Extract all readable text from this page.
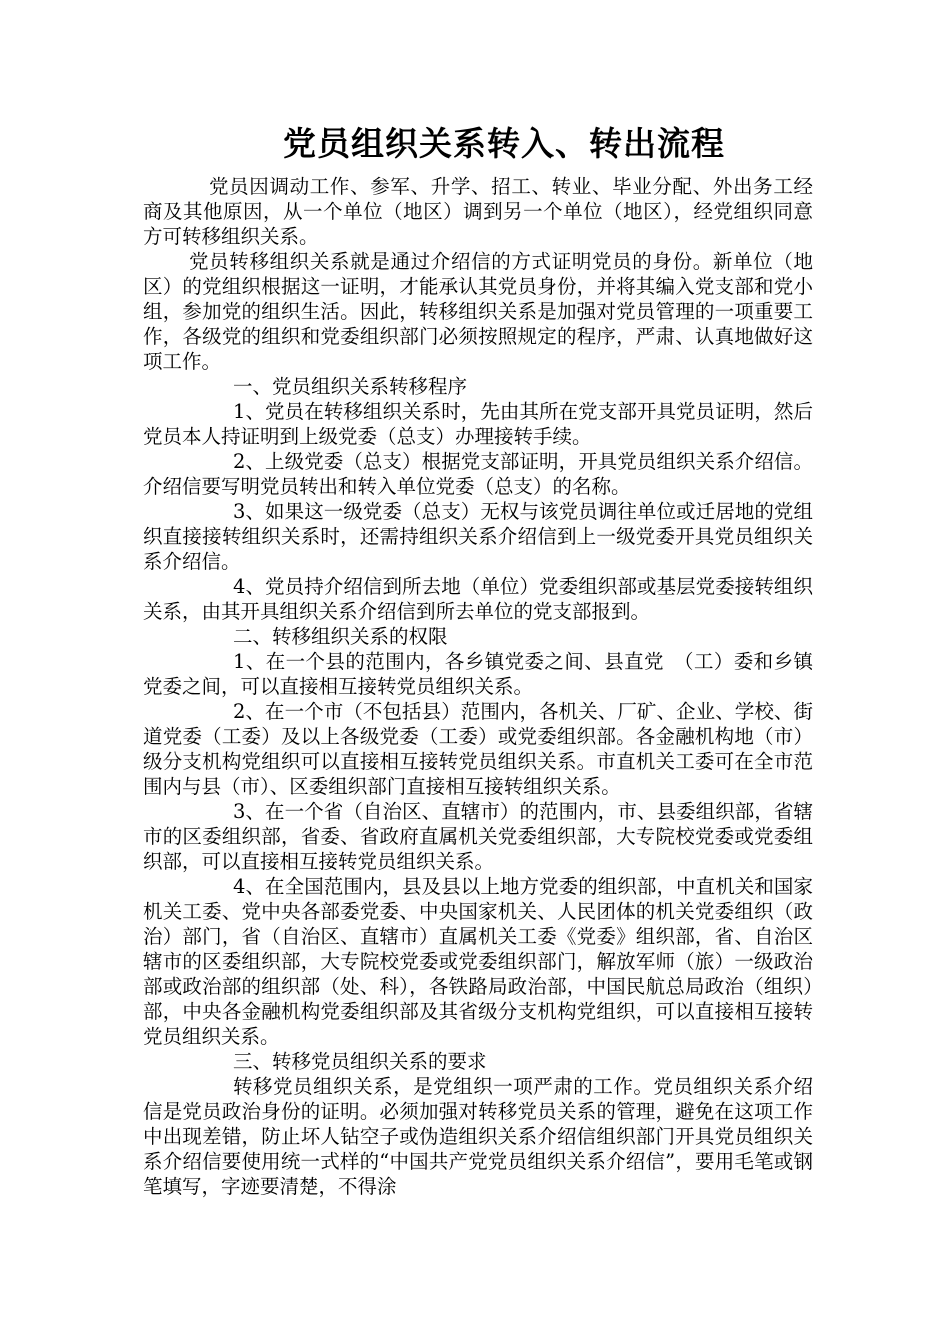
党员组织关系转入、转出流程

党员因调动工作、参军、升学、招工、转业、毕业分配、外出务工经商及其他原因，从一个单位（地区）调到另一个单位（地区），经党组织同意方可转移组织关系。

党员转移组织关系就是通过介绍信的方式证明党员的身份。新单位（地区）的党组织根据这一证明，才能承认其党员身份，并将其编入党支部和党小组，参加党的组织生活。因此，转移组织关系是加强对党员管理的一项重要工作，各级党的组织和党委组织部门必须按照规定的程序，严肃、认真地做好这项工作。

一、党员组织关系转移程序

1、党员在转移组织关系时，先由其所在党支部开具党员证明，然后党员本人持证明到上级党委（总支）办理接转手续。

2、上级党委（总支）根据党支部证明，开具党员组织关系介绍信。介绍信要写明党员转出和转入单位党委（总支）的名称。

3、如果这一级党委（总支）无权与该党员调往单位或迁居地的党组织直接接转组织关系时，还需持组织关系介绍信到上一级党委开具党员组织关系介绍信。

4、党员持介绍信到所去地（单位）党委组织部或基层党委接转组织关系，由其开具组织关系介绍信到所去单位的党支部报到。

二、转移组织关系的权限

1、在一个县的范围内，各乡镇党委之间、县直党　（工）委和乡镇党委之间，可以直接相互接转党员组织关系。

2、在一个市（不包括县）范围内，各机关、厂矿、企业、学校、街道党委（工委）及以上各级党委（工委）或党委组织部。各金融机构地（市）级分支机构党组织可以直接相互接转党员组织关系。市直机关工委可在全市范围内与县（市）、区委组织部门直接相互接转组织关系。

3、在一个省（自治区、直辖市）的范围内，市、县委组织部，省辖市的区委组织部，省委、省政府直属机关党委组织部，大专院校党委或党委组织部，可以直接相互接转党员组织关系。

4、在全国范围内，县及县以上地方党委的组织部，中直机关和国家机关工委、党中央各部委党委、中央国家机关、人民团体的机关党委组织（政治）部门，省（自治区、直辖市）直属机关工委《党委》组织部，省、自治区辖市的区委组织部，大专院校党委或党委组织部门，解放军师（旅）一级政治部或政治部的组织部（处、科），各铁路局政治部，中国民航总局政治（组织）部，中央各金融机构党委组织部及其省级分支机构党组织，可以直接相互接转党员组织关系。

三、转移党员组织关系的要求

转移党员组织关系，是党组织一项严肃的工作。党员组织关系介绍信是党员政治身份的证明。必须加强对转移党员关系的管理，避免在这项工作中出现差错，防止坏人钻空子或伪造组织关系介绍信组织部门开具党员组织关系介绍信要使用统一式样的“中国共产党党员组织关系介绍信”，要用毛笔或钢笔填写，字迹要清楚，不得涂
